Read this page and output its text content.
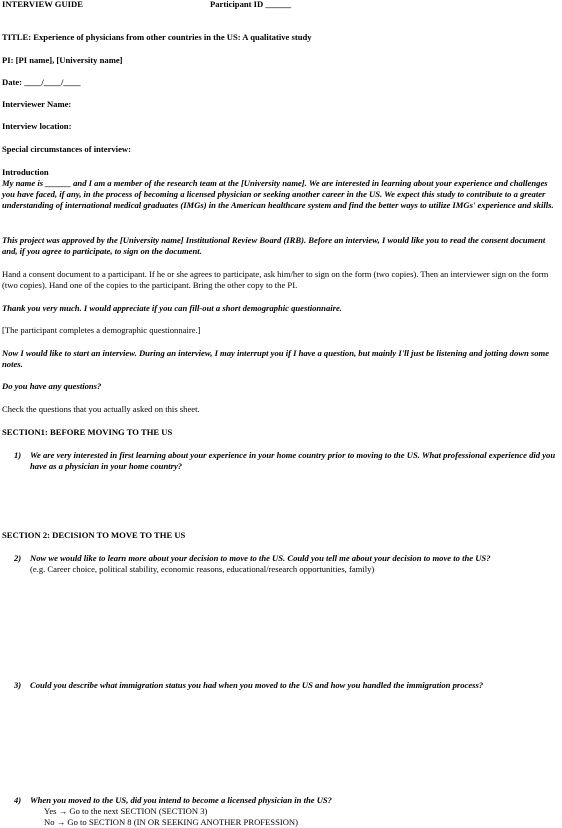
INTERVIEW GUIDE	Participant ID ______

TITLE: Experience of physicians from other countries in the US: A qualitative study

PI: [PI name], [University name]

Date: ____/____/____

Interviewer Name:

Interview location:

Special circumstances of interview:

Introduction

My name is ______ and I am a member of the research team at the [University name]. We are interested in learning about your experience and challenges you have faced, if any, in the process of becoming a licensed physician or seeking another career in the US. We expect this study to contribute to a greater understanding of international medical graduates (IMGs) in the American healthcare system and find the better ways to utilize IMGs' experience and skills.

This project was approved by the [University name] Institutional Review Board (IRB). Before an interview, I would like you to read the consent document and, if you agree to participate, to sign on the document.

Hand a consent document to a participant. If he or she agrees to participate, ask him/her to sign on the form (two copies). Then an interviewer sign on the form (two copies). Hand one of the copies to the participant. Bring the other copy to the PI.

Thank you very much. I would appreciate if you can fill-out a short demographic questionnaire.

[The participant completes a demographic questionnaire.]

Now I would like to start an interview. During an interview, I may interrupt you if I have a question, but mainly I'll just be listening and jotting down some notes.

Do you have any questions?

Check the questions that you actually asked on this sheet.

SECTION1: BEFORE MOVING TO THE US

1) We are very interested in first learning about your experience in your home country prior to moving to the US. What professional experience did you have as a physician in your home country?

SECTION 2: DECISION TO MOVE TO THE US

2) Now we would like to learn more about your decision to move to the US. Could you tell me about your decision to move to the US?
(e.g. Career choice, political stability, economic reasons, educational/research opportunities, family)
3) Could you describe what immigration status you had when you moved to the US and how you handled the immigration process?
4) When you moved to the US, did you intend to become a licensed physician in the US?
Yes → Go to the next SECTION (SECTION 3)
No → Go to SECTION 8 (IN OR SEEKING ANOTHER PROFESSION)
